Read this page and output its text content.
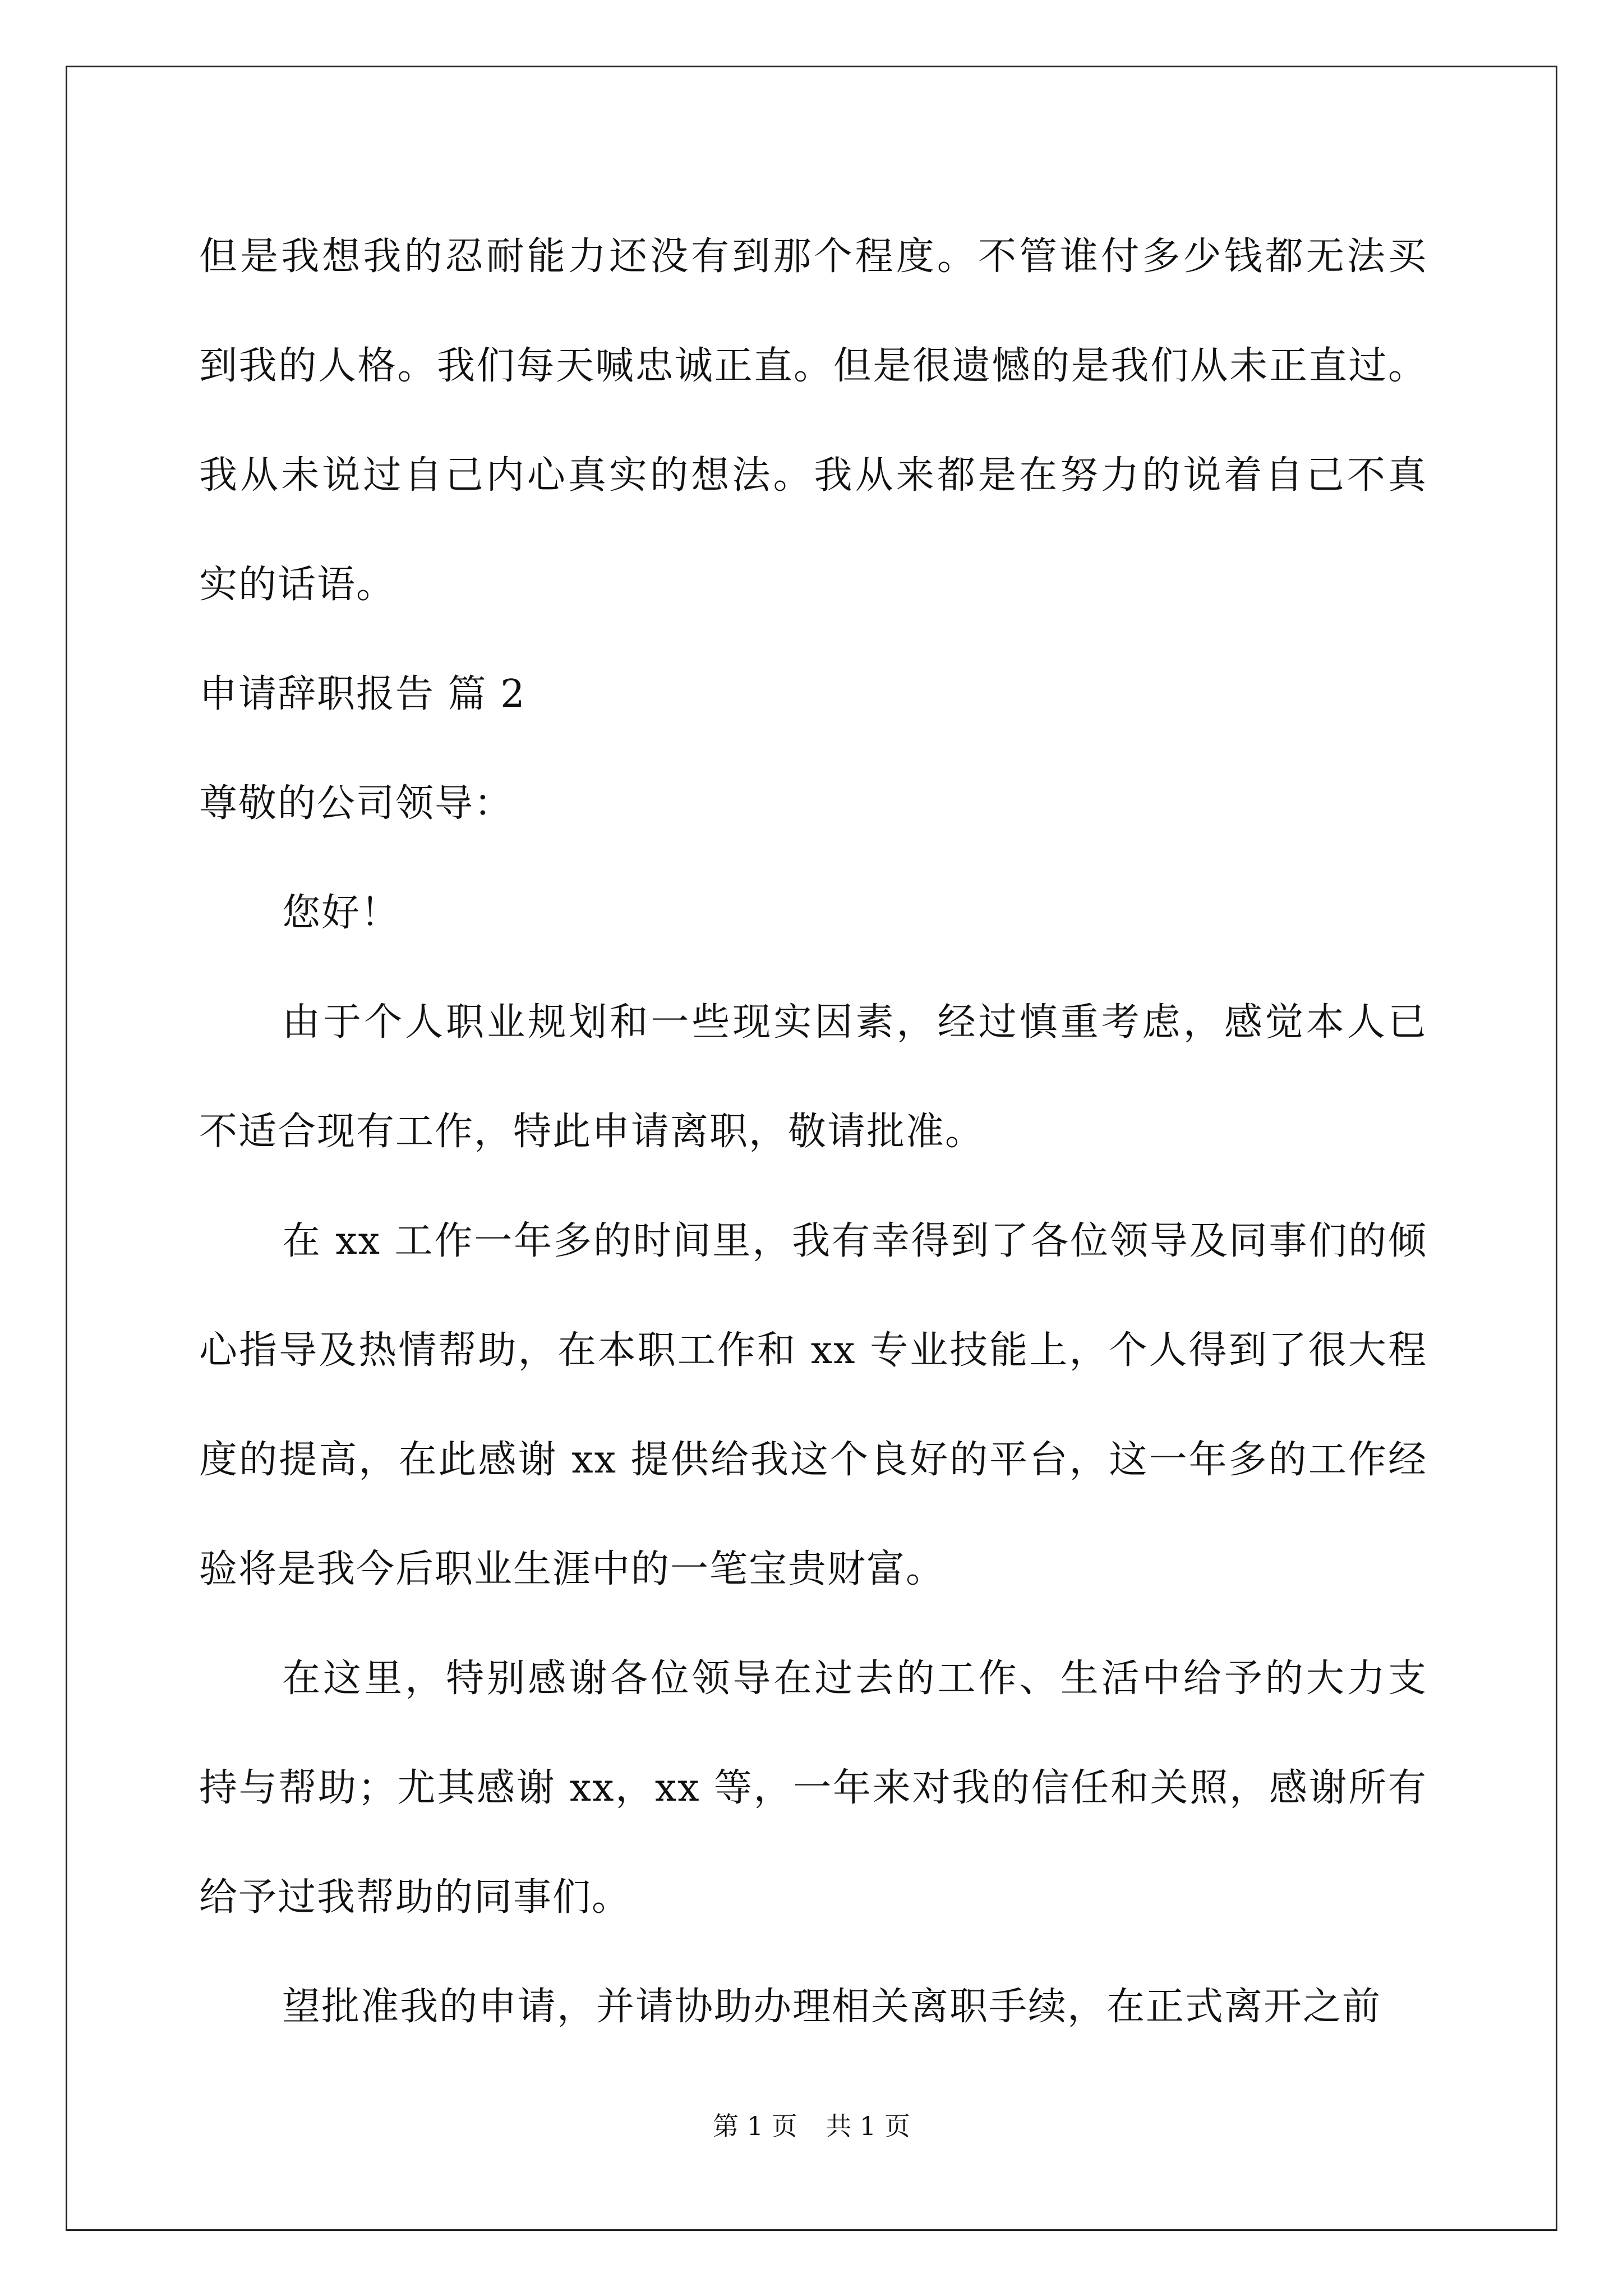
但是我想我的忍耐能力还没有到那个程度。不管谁付多少钱都无法买

到我的人格。我们每天喊忠诚正直。但是很遗憾的是我们从未正直过。

我从未说过自己内心真实的想法。我从来都是在努力的说着自己不真

实的话语。

申请辞职报告 篇 2

尊敬的公司领导：

您好！

由于个人职业规划和一些现实因素，经过慎重考虑，感觉本人已

不适合现有工作，特此申请离职，敬请批准。

在 xx 工作一年多的时间里，我有幸得到了各位领导及同事们的倾

心指导及热情帮助，在本职工作和 xx 专业技能上，个人得到了很大程

度的提高，在此感谢 xx 提供给我这个良好的平台，这一年多的工作经

验将是我今后职业生涯中的一笔宝贵财富。

在这里，特别感谢各位领导在过去的工作、生活中给予的大力支

持与帮助；尤其感谢 xx，xx 等，一年来对我的信任和关照，感谢所有

给予过我帮助的同事们。

望批准我的申请，并请协助办理相关离职手续，在正式离开之前

第 1 页 共 1 页
